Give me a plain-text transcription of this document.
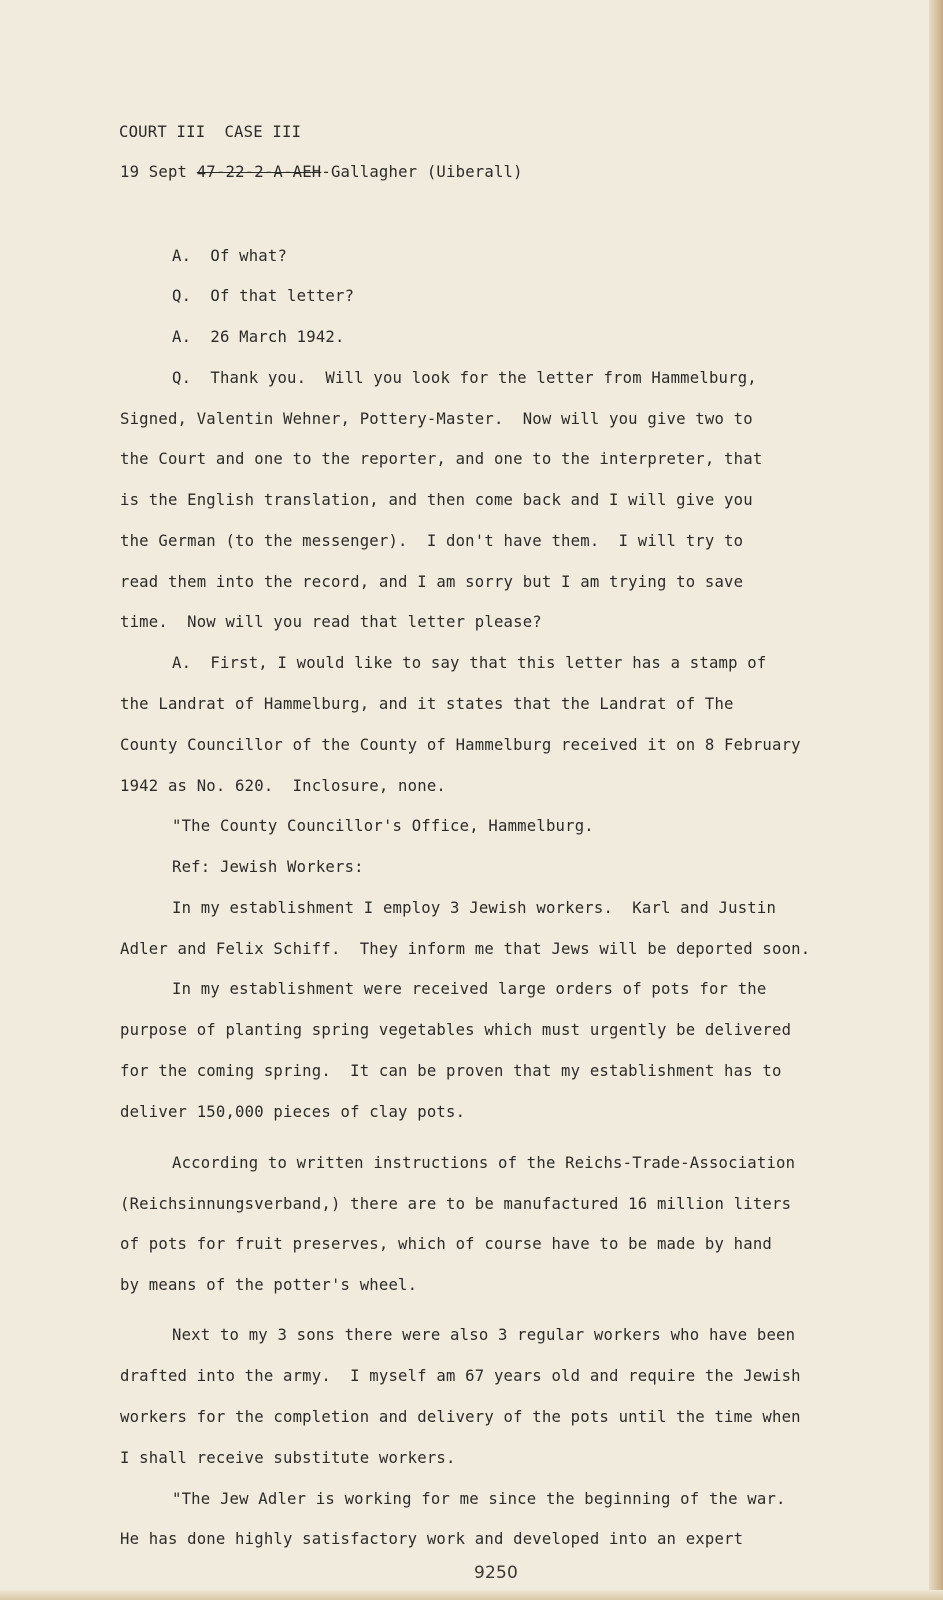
COURT III  CASE III
19 Sept 47-22-2-A-AEH-Gallagher (Uiberall)
A.  Of what?
Q.  Of that letter?
A.  26 March 1942.
Q.  Thank you.  Will you look for the letter from Hammelburg,
Signed, Valentin Wehner, Pottery-Master.  Now will you give two to
the Court and one to the reporter, and one to the interpreter, that
is the English translation, and then come back and I will give you
the German (to the messenger).  I don't have them.  I will try to
read them into the record, and I am sorry but I am trying to save
time.  Now will you read that letter please?
A.  First, I would like to say that this letter has a stamp of
the Landrat of Hammelburg, and it states that the Landrat of The
County Councillor of the County of Hammelburg received it on 8 February
1942 as No. 620.  Inclosure, none.
"The County Councillor's Office, Hammelburg.
Ref: Jewish Workers:
In my establishment I employ 3 Jewish workers.  Karl and Justin
Adler and Felix Schiff.  They inform me that Jews will be deported soon.
In my establishment were received large orders of pots for the
purpose of planting spring vegetables which must urgently be delivered
for the coming spring.  It can be proven that my establishment has to
deliver 150,000 pieces of clay pots.
According to written instructions of the Reichs-Trade-Association
(Reichsinnungsverband,) there are to be manufactured 16 million liters
of pots for fruit preserves, which of course have to be made by hand
by means of the potter's wheel.
Next to my 3 sons there were also 3 regular workers who have been
drafted into the army.  I myself am 67 years old and require the Jewish
workers for the completion and delivery of the pots until the time when
I shall receive substitute workers.
"The Jew Adler is working for me since the beginning of the war.
He has done highly satisfactory work and developed into an expert
9250
